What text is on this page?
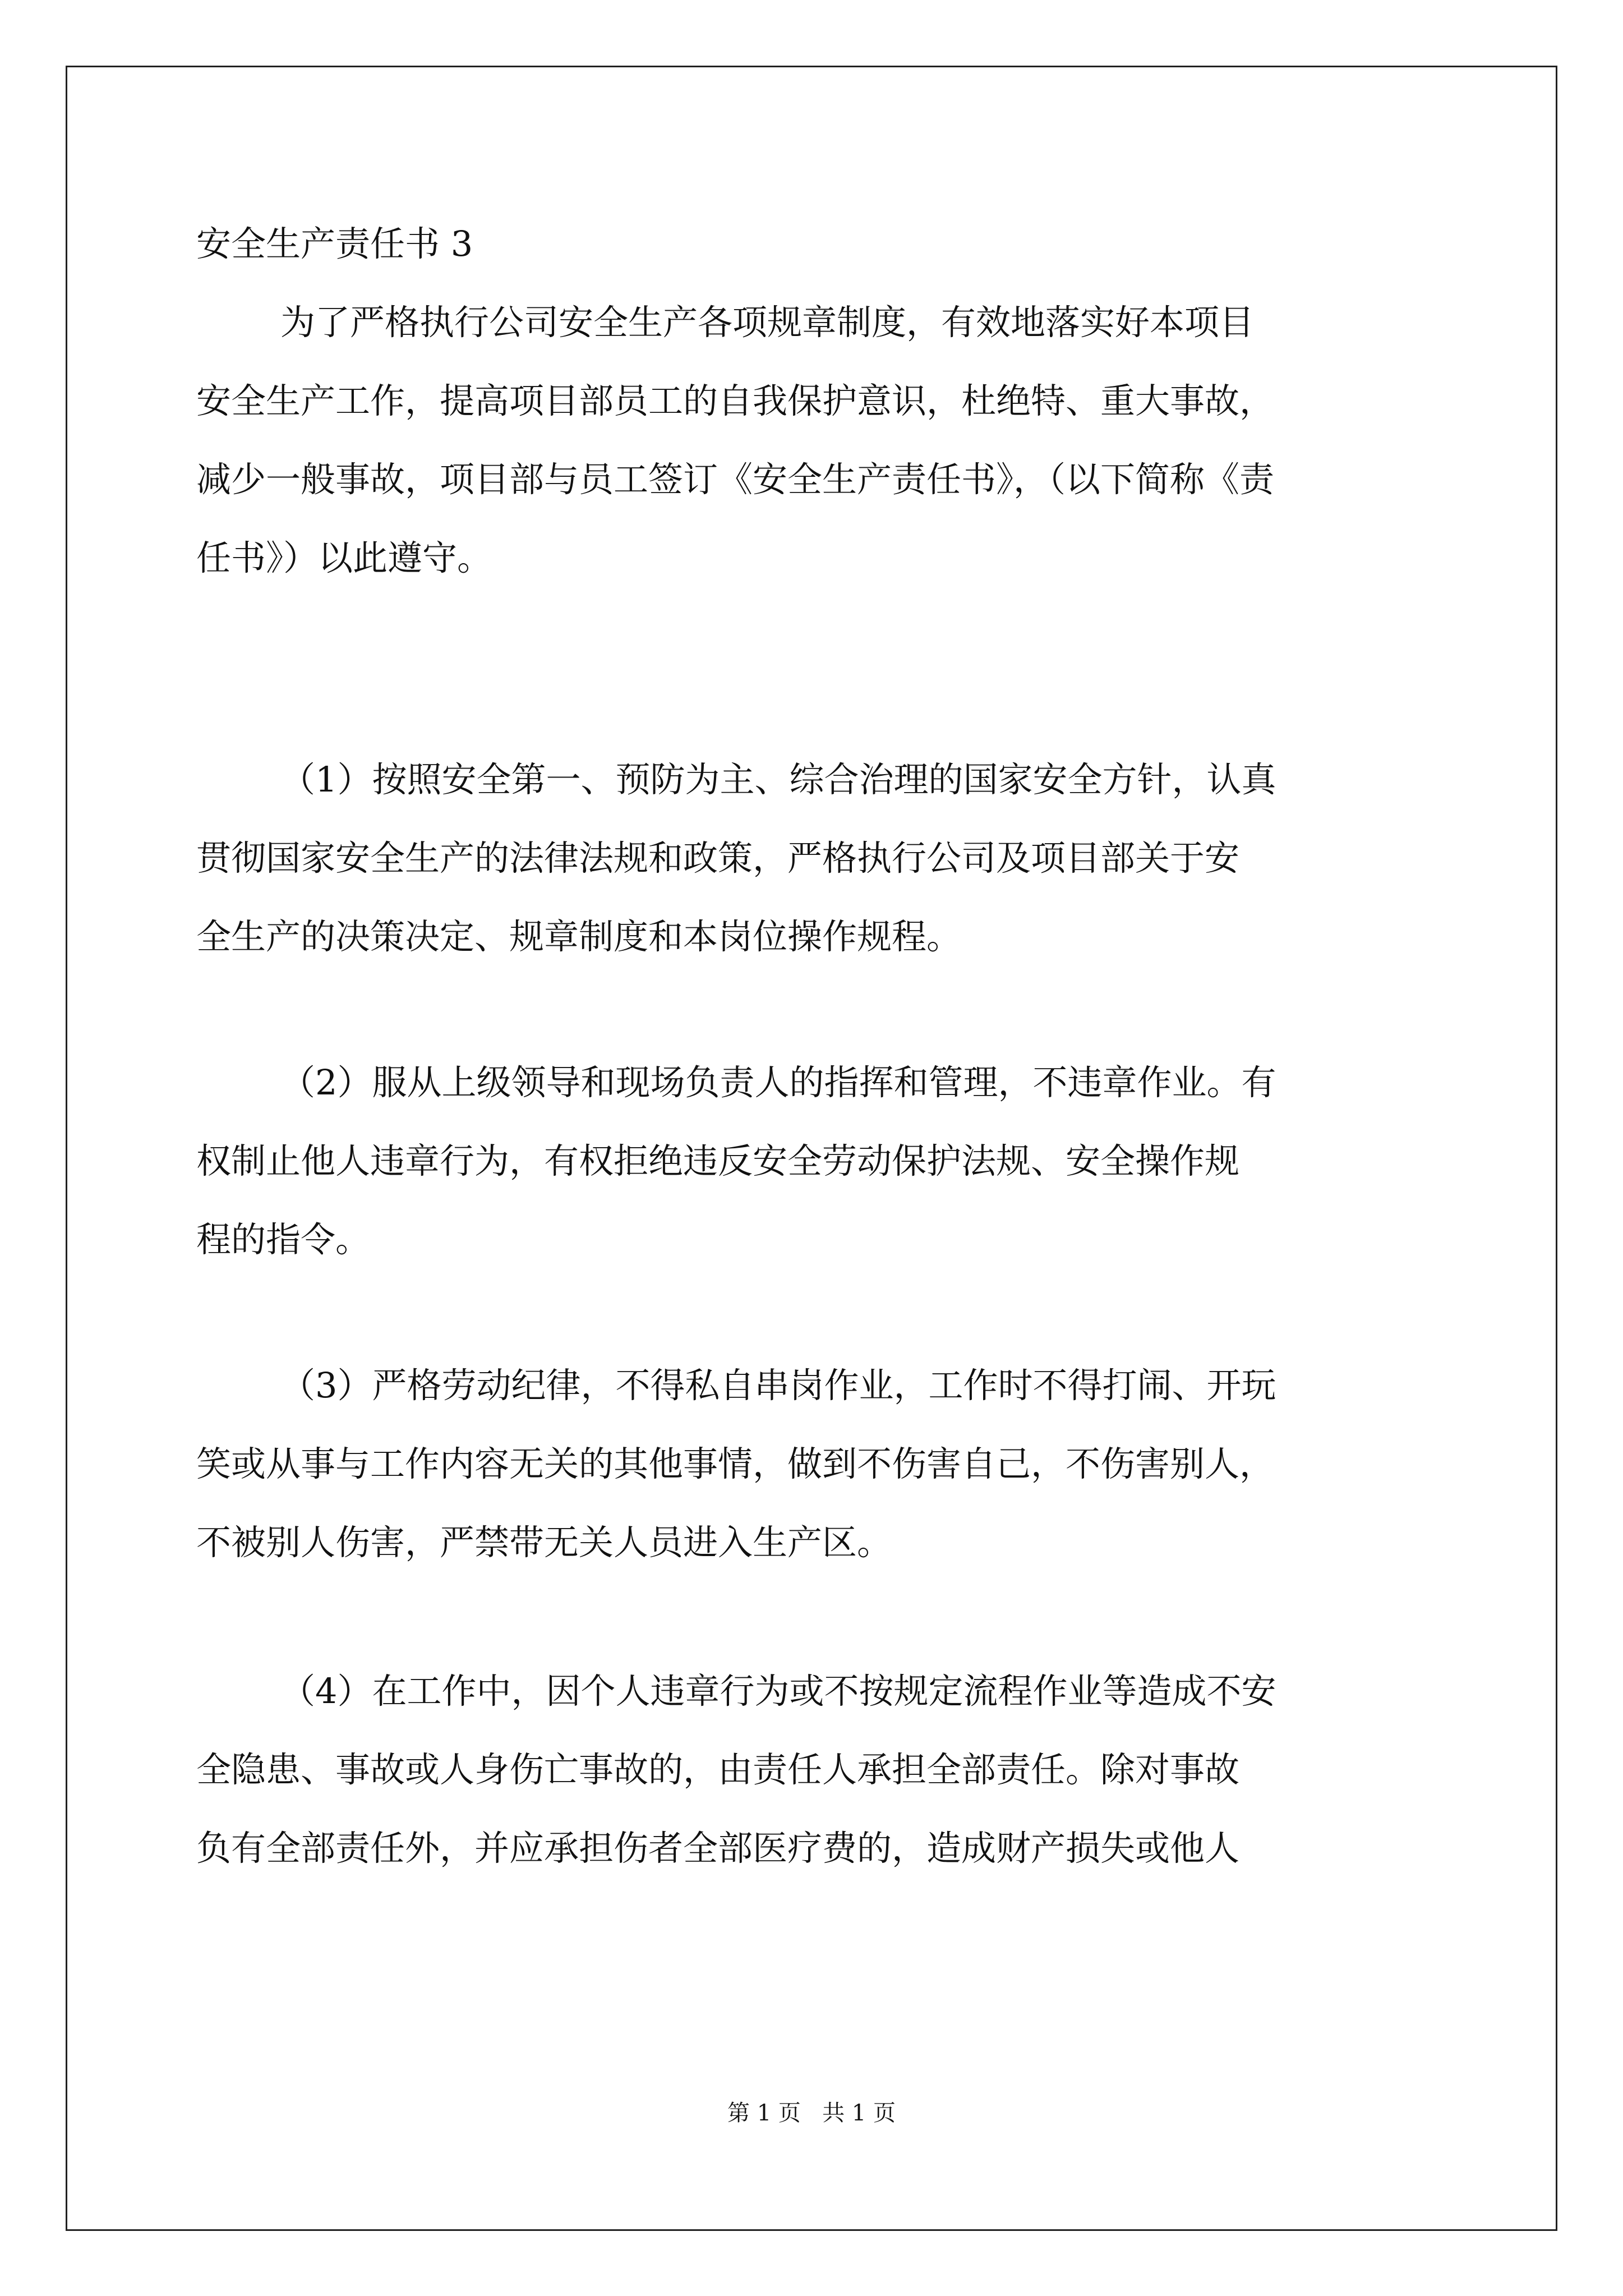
安全生产责任书 3

为了严格执行公司安全生产各项规章制度，有效地落实好本项目

安全生产工作，提高项目部员工的自我保护意识，杜绝特、重大事故，

减少一般事故，项目部与员工签订《安全生产责任书》，（以下简称《责

任书》）以此遵守。

（1）按照安全第一、预防为主、综合治理的国家安全方针，认真

贯彻国家安全生产的法律法规和政策，严格执行公司及项目部关于安

全生产的决策决定、规章制度和本岗位操作规程。

（2）服从上级领导和现场负责人的指挥和管理，不违章作业。有

权制止他人违章行为，有权拒绝违反安全劳动保护法规、安全操作规

程的指令。

（3）严格劳动纪律，不得私自串岗作业，工作时不得打闹、开玩

笑或从事与工作内容无关的其他事情，做到不伤害自己，不伤害别人，

不被别人伤害，严禁带无关人员进入生产区。

（4）在工作中，因个人违章行为或不按规定流程作业等造成不安

全隐患、事故或人身伤亡事故的，由责任人承担全部责任。除对事故

负有全部责任外，并应承担伤者全部医疗费的，造成财产损失或他人

第 1 页   共 1 页
